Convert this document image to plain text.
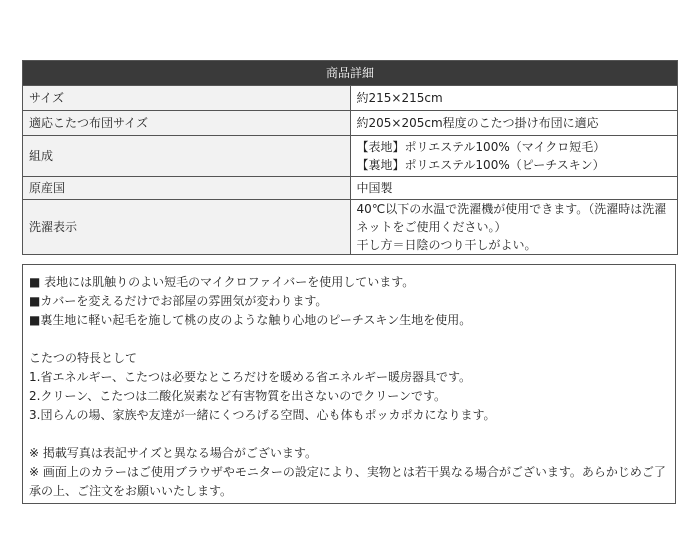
商品詳細	
サイズ	約215×215cm
適応こたつ布団サイズ	約205×205cm程度のこたつ掛け布団に適応
組成	【表地】ポリエステル100%（マイクロ短毛）
【裏地】ポリエステル100%（ピーチスキン）

原産国	中国製
洗濯表示	40℃以下の水温で洗濯機が使用できます。（洗濯時は洗濯ネットをご使用ください。）
干し方＝日陰のつり干しがよい。

■ 表地には肌触りのよい短毛のマイクロファイバーを使用しています。

■カバーを変えるだけでお部屋の雰囲気が変わります。

■裏生地に軽い起毛を施して桃の皮のような触り心地のピーチスキン生地を使用。

こたつの特長として

1.省エネルギー、こたつは必要なところだけを暖める省エネルギー暖房器具です。

2.クリーン、こたつは二酸化炭素など有害物質を出さないのでクリーンです。

3.団らんの場、家族や友達が一緒にくつろげる空間、心も体もポッカポカになります。

※ 掲載写真は表記サイズと異なる場合がございます。

※ 画面上のカラーはご使用ブラウザやモニターの設定により、実物とは若干異なる場合がございます。あらかじめご了承の上、ご注文をお願いいたします。
